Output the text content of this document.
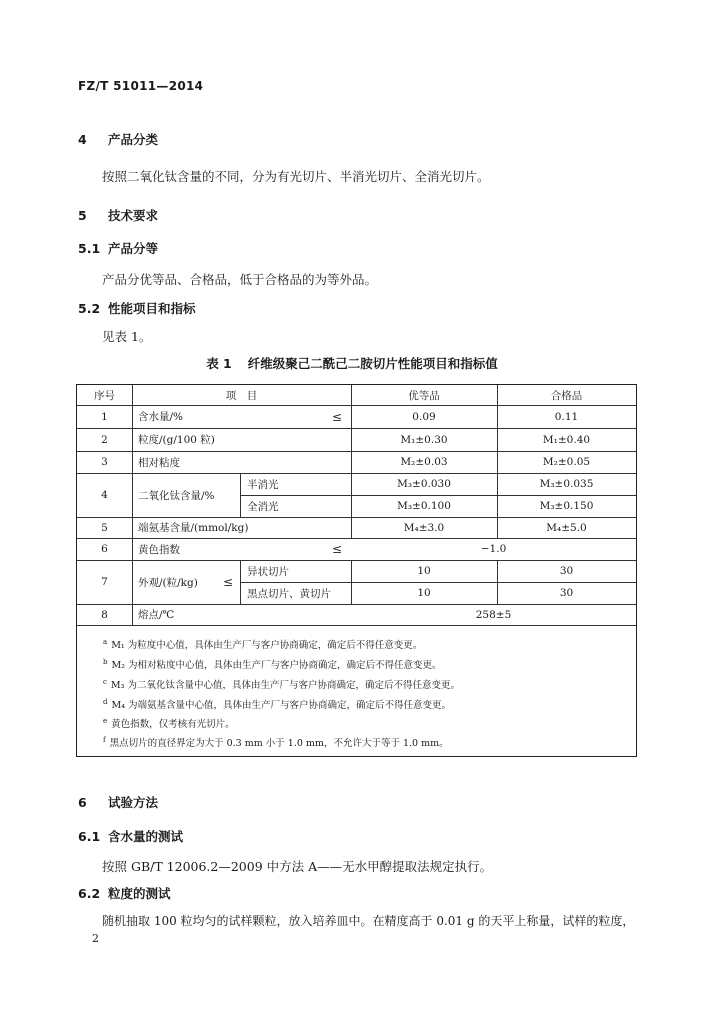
FZ/T 51011—2014
4 产品分类
按照二氧化钛含量的不同，分为有光切片、半消光切片、全消光切片。
5 技术要求
5.1 产品分等
产品分优等品、合格品，低于合格品的为等外品。
5.2 性能项目和指标
见表 1。
表 1 纤维级聚己二酰己二胺切片性能项目和指标值
序号	项　目	优等品	合格品
1	含水量/%	≤	0.09	0.11
2	粒度/(g/100 粒)	M₁±0.30	M₁±0.40
3	相对粘度	M₂±0.03	M₂±0.05
4	二氧化钛含量/%
半消光	M₃±0.030	M₃±0.035
全消光	M₃±0.100	M₃±0.150
5	端氨基含量/(mmol/kg)	M₄±3.0	M₄±5.0
6	黄色指数	≤	−1.0
7	外观/(粒/kg)	≤
异状切片	10	30
黑点切片、黄切片	10	30
8	熔点/℃	258±5
$^a$ M₁ 为粒度中心值，具体由生产厂与客户协商确定，确定后不得任意变更。
$^b$ M₂ 为相对粘度中心值，具体由生产厂与客户协商确定，确定后不得任意变更。
$^c$ M₃ 为二氧化钛含量中心值，具体由生产厂与客户协商确定，确定后不得任意变更。
$^d$ M₄ 为端氨基含量中心值，具体由生产厂与客户协商确定，确定后不得任意变更。
$^e$ 黄色指数，仅考核有光切片。
$^f$ 黑点切片的直径界定为大于 0.3 mm 小于 1.0 mm，不允许大于等于 1.0 mm。
6 试验方法
6.1 含水量的测试
按照 GB/T 12006.2—2009 中方法 A——无水甲醇提取法规定执行。
6.2 粒度的测试
随机抽取 100 粒均匀的试样颗粒，放入培养皿中。在精度高于 0.01 g 的天平上称量，试样的粒度，
2
